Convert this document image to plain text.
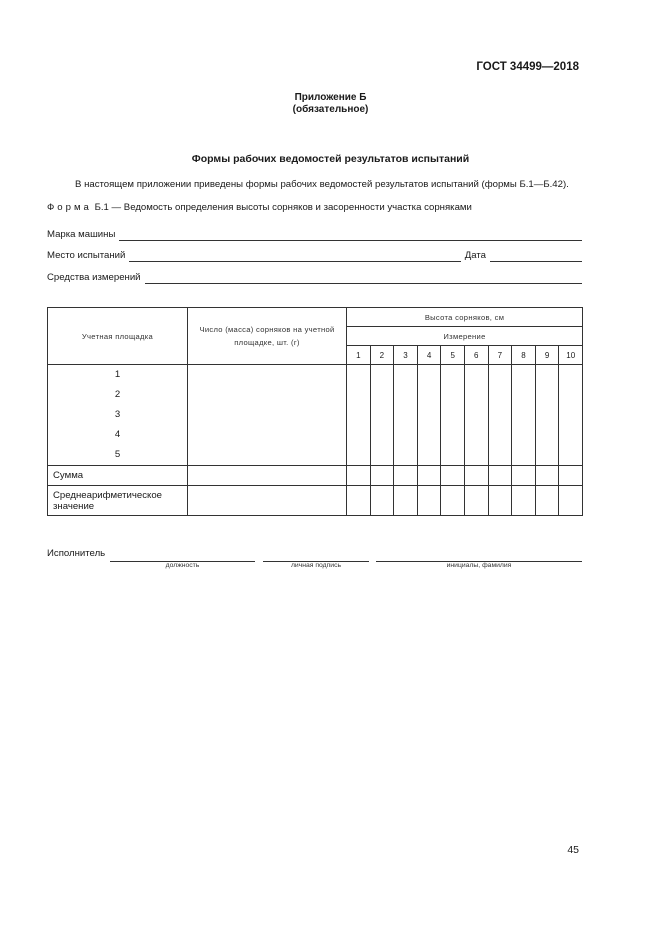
ГОСТ 34499—2018
Приложение Б
(обязательное)
Формы рабочих ведомостей результатов испытаний
В настоящем приложении приведены формы рабочих ведомостей результатов испытаний (формы Б.1—Б.42).
Форма Б.1 — Ведомость определения высоты сорняков и засоренности участка сорняками
Марка машины
Место испытаний	Дата
Средства измерений
Учетная площадка	Число (масса) сорняков на учетной площадке, шт. (г)	Высота сорняков, см									
		Измерение									
		1	2	3	4	5	6	7	8	9	10

1
2
3
4
5											

Сумма											
Среднеарифметическое значение											
Исполнитель
должность	личная подпись	инициалы, фамилия
45
